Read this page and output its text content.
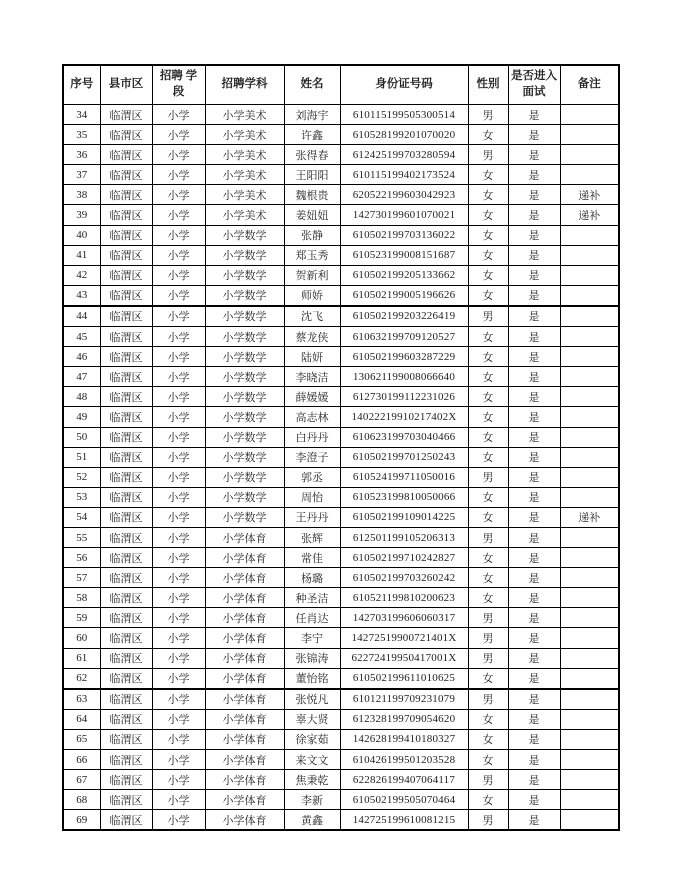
序号	县市区	招聘 学段	招聘学科	姓名	身份证号码	性别	是否进入面试	备注
34	临渭区	小学	小学美术	刘海宇	610115199505300514	男	是	
35	临渭区	小学	小学美术	许鑫	610528199201070020	女	是	
36	临渭区	小学	小学美术	张得春	612425199703280594	男	是	
37	临渭区	小学	小学美术	王阳阳	610115199402173524	女	是	
38	临渭区	小学	小学美术	魏根贵	620522199603042923	女	是	递补
39	临渭区	小学	小学美术	姜妞妞	142730199601070021	女	是	递补
40	临渭区	小学	小学数学	张静	610502199703136022	女	是	
41	临渭区	小学	小学数学	郑玉秀	610523199008151687	女	是	
42	临渭区	小学	小学数学	贺新利	610502199205133662	女	是	
43	临渭区	小学	小学数学	师娇	610502199005196626	女	是	
44	临渭区	小学	小学数学	沈飞	610502199203226419	男	是	
45	临渭区	小学	小学数学	蔡龙侠	610632199709120527	女	是	
46	临渭区	小学	小学数学	陆妍	610502199603287229	女	是	
47	临渭区	小学	小学数学	李晓洁	130621199008066640	女	是	
48	临渭区	小学	小学数学	薛媛媛	612730199112231026	女	是	
49	临渭区	小学	小学数学	高志林	14022219910217402X	女	是	
50	临渭区	小学	小学数学	白丹丹	610623199703040466	女	是	
51	临渭区	小学	小学数学	李澄子	610502199701250243	女	是	
52	临渭区	小学	小学数学	郭丞	610524199711050016	男	是	
53	临渭区	小学	小学数学	周怡	610523199810050066	女	是	
54	临渭区	小学	小学数学	王丹丹	610502199109014225	女	是	递补
55	临渭区	小学	小学体育	张辉	612501199105206313	男	是	
56	临渭区	小学	小学体育	常佳	610502199710242827	女	是	
57	临渭区	小学	小学体育	杨璐	610502199703260242	女	是	
58	临渭区	小学	小学体育	种圣洁	610521199810200623	女	是	
59	临渭区	小学	小学体育	任肖达	142703199606060317	男	是	
60	临渭区	小学	小学体育	李宁	14272519900721401X	男	是	
61	临渭区	小学	小学体育	张锦涛	62272419950417001X	男	是	
62	临渭区	小学	小学体育	董怡铭	610502199611010625	女	是	
63	临渭区	小学	小学体育	张悦凡	610121199709231079	男	是	
64	临渭区	小学	小学体育	辜大贤	612328199709054620	女	是	
65	临渭区	小学	小学体育	徐家茹	142628199410180327	女	是	
66	临渭区	小学	小学体育	来文文	610426199501203528	女	是	
67	临渭区	小学	小学体育	焦秉乾	622826199407064117	男	是	
68	临渭区	小学	小学体育	李新	610502199505070464	女	是	
69	临渭区	小学	小学体育	黄鑫	142725199610081215	男	是	
